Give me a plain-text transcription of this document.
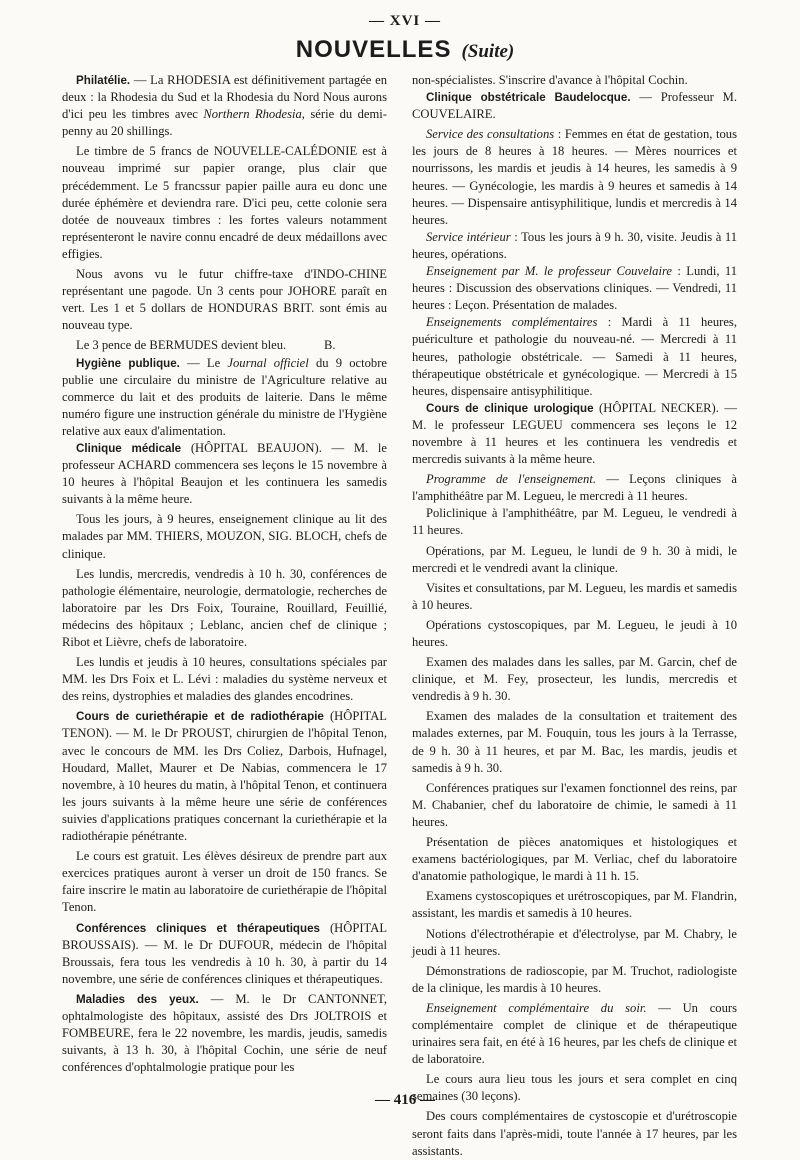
— XVI —
NOUVELLES (Suite)

Philatélie. — La RHODESIA est définitivement partagée en deux : la Rhodesia du Sud et la Rhodesia du Nord Nous aurons d'ici peu les timbres avec Northern Rhodesia, série du demi-penny au 20 shillings.

Le timbre de 5 francs de NOUVELLE-CALÉDONIE est à nouveau imprimé sur papier orange, plus clair que précédemment. Le 5 francssur papier paille aura eu donc une durée éphémère et deviendra rare. D'ici peu, cette colonie sera dotée de nouveaux timbres : les fortes valeurs notamment représenteront le navire connu encadré de deux médaillons avec effigies.

Nous avons vu le futur chiffre-taxe d'INDO-CHINE représentant une pagode. Un 3 cents pour JOHORE paraît en vert. Les 1 et 5 dollars de HONDURAS BRIT. sont émis au nouveau type.

Le 3 pence de BERMUDES devient bleu.	B.

Hygiène publique. — Le Journal officiel du 9 octobre publie une circulaire du ministre de l'Agriculture relative au commerce du lait et des produits de laiterie. Dans le même numéro figure une instruction générale du ministre de l'Hygiène relative aux eaux d'alimentation.

Clinique médicale (HÔPITAL BEAUJON). — M. le professeur ACHARD commencera ses leçons le 15 novembre à 10 heures à l'hôpital Beaujon et les continuera les samedis suivants à la même heure.

Tous les jours, à 9 heures, enseignement clinique au lit des malades par MM. THIERS, MOUZON, SIG. BLOCH, chefs de clinique.

Les lundis, mercredis, vendredis à 10 h. 30, conférences de pathologie élémentaire, neurologie, dermatologie, recherches de laboratoire par les Drs Foix, Touraine, Rouillard, Feuillié, médecins des hôpitaux ; Leblanc, ancien chef de clinique ; Ribot et Lièvre, chefs de laboratoire.

Les lundis et jeudis à 10 heures, consultations spéciales par MM. les Drs Foix et L. Lévi : maladies du système nerveux et des reins, dystrophies et maladies des glandes encodrines.

Cours de curiethérapie et de radiothérapie (HÔPITAL TENON). — M. le Dr PROUST, chirurgien de l'hôpital Tenon, avec le concours de MM. les Drs Coliez, Darbois, Hufnagel, Houdard, Mallet, Maurer et De Nabias, commencera le 17 novembre, à 10 heures du matin, à l'hôpital Tenon, et continuera les jours suivants à la même heure une série de conférences suivies d'applications pratiques concernant la curiethérapie et la radiothérapie pénétrante.

Le cours est gratuit. Les élèves désireux de prendre part aux exercices pratiques auront à verser un droit de 150 francs. Se faire inscrire le matin au laboratoire de curiethérapie de l'hôpital Tenon.

Conférences cliniques et thérapeutiques (HÔPITAL BROUSSAIS). — M. le Dr DUFOUR, médecin de l'hôpital Broussais, fera tous les vendredis à 10 h. 30, à partir du 14 novembre, une série de conférences cliniques et thérapeutiques.

Maladies des yeux. — M. le Dr CANTONNET, ophtalmologiste des hôpitaux, assisté des Drs JOLTROIS et FOMBEURE, fera le 22 novembre, les mardis, jeudis, samedis suivants, à 13 h. 30, à l'hôpital Cochin, une série de neuf conférences d'ophtalmologie pratique pour les

non-spécialistes. S'inscrire d'avance à l'hôpital Cochin.

Clinique obstétricale Baudelocque. — Professeur M. COUVELAIRE.

Service des consultations : Femmes en état de gestation, tous les jours de 8 heures à 18 heures. — Mères nourrices et nourrissons, les mardis et jeudis à 14 heures, les samedis à 9 heures. — Gynécologie, les mardis à 9 heures et samedis à 14 heures. — Dispensaire antisyphilitique, lundis et mercredis à 14 heures.

Service intérieur : Tous les jours à 9 h. 30, visite. Jeudis à 11 heures, opérations.

Enseignement par M. le professeur Couvelaire : Lundi, 11 heures : Discussion des observations cliniques. — Vendredi, 11 heures : Leçon. Présentation de malades.

Enseignements complémentaires : Mardi à 11 heures, puériculture et pathologie du nouveau-né. — Mercredi à 11 heures, pathologie obstétricale. — Samedi à 11 heures, thérapeutique obstétricale et gynécologique. — Mercredi à 15 heures, dispensaire antisyphilitique.

Cours de clinique urologique (HÔPITAL NECKER). — M. le professeur LEGUEU commencera ses leçons le 12 novembre à 11 heures et les continuera les vendredis et mercredis suivants à la même heure.

Programme de l'enseignement. — Leçons cliniques à l'amphithéâtre par M. Legueu, le mercredi à 11 heures.

Policlinique à l'amphithéâtre, par M. Legueu, le vendredi à 11 heures.

Opérations, par M. Legueu, le lundi de 9 h. 30 à midi, le mercredi et le vendredi avant la clinique.

Visites et consultations, par M. Legueu, les mardis et samedis à 10 heures.

Opérations cystoscopiques, par M. Legueu, le jeudi à 10 heures.

Examen des malades dans les salles, par M. Garcin, chef de clinique, et M. Fey, prosecteur, les lundis, mercredis et vendredis à 9 h. 30.

Examen des malades de la consultation et traitement des malades externes, par M. Fouquin, tous les jours à la Terrasse, de 9 h. 30 à 11 heures, et par M. Bac, les mardis, jeudis et samedis à 9 h. 30.

Conférences pratiques sur l'examen fonctionnel des reins, par M. Chabanier, chef du laboratoire de chimie, le samedi à 11 heures.

Présentation de pièces anatomiques et histologiques et examens bactériologiques, par M. Verliac, chef du laboratoire d'anatomie pathologique, le mardi à 11 h. 15.

Examens cystoscopiques et urétroscopiques, par M. Flandrin, assistant, les mardis et samedis à 10 heures.

Notions d'électrothérapie et d'électrolyse, par M. Chabry, le jeudi à 11 heures.

Démonstrations de radioscopie, par M. Truchot, radiologiste de la clinique, les mardis à 10 heures.

Enseignement complémentaire du soir. — Un cours complémentaire complet de clinique et de thérapeutique urinaires sera fait, en été à 16 heures, par les chefs de clinique et de laboratoire.

Le cours aura lieu tous les jours et sera complet en cinq semaines (30 leçons).

Des cours complémentaires de cystoscopie et d'urétroscopie seront faits dans l'après-midi, toute l'année à 17 heures, par les assistants.

— 416 —
